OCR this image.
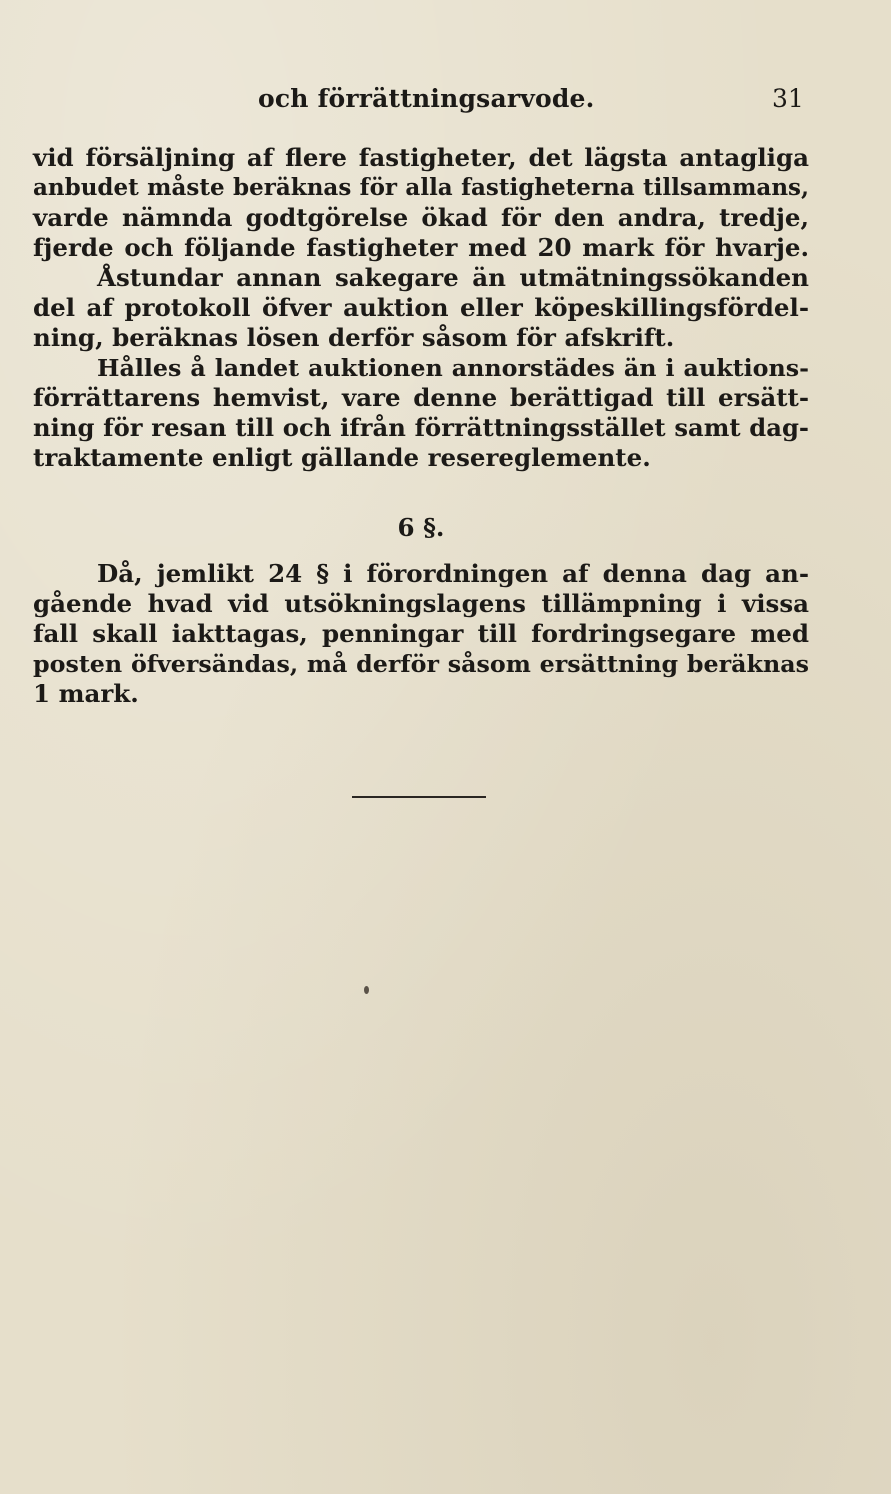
och förrättningsarvode.	31

vid försäljning af flere fastigheter, det lägsta antagliga
anbudet måste beräknas för alla fastigheterna tillsammans,
varde nämnda godtgörelse ökad för den andra, tredje,
fjerde och följande fastigheter med 20 mark för hvarje.

Åstundar annan sakegare än utmätningssökanden
del af protokoll öfver auktion eller köpeskillingsfördel-
ning, beräknas lösen derför såsom för afskrift.

Hålles å landet auktionen annorstädes än i auktions-
förrättarens hemvist, vare denne berättigad till ersätt-
ning för resan till och ifrån förrättningsstället samt dag-
traktamente enligt gällande resereglemente.

6 §.

Då, jemlikt 24 § i förordningen af denna dag an-
gående hvad vid utsökningslagens tillämpning i vissa
fall skall iakttagas, penningar till fordringsegare med
posten öfversändas, må derför såsom ersättning beräknas
1 mark.
